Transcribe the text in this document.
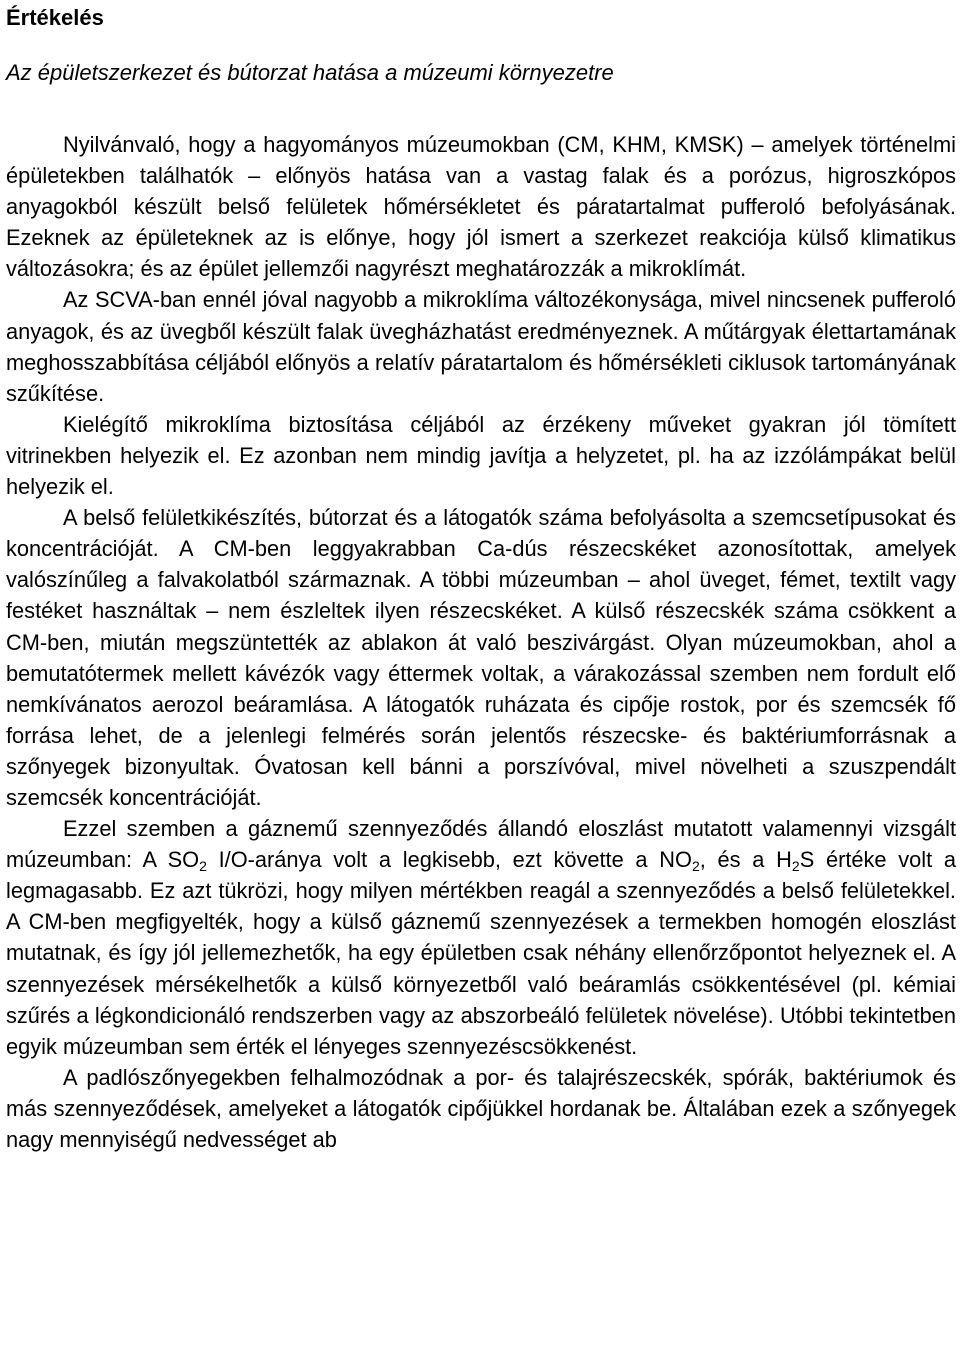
Értékelés
Az épületszerkezet és bútorzat hatása a múzeumi környezetre

Nyilvánvaló, hogy a hagyományos múzeumokban (CM, KHM, KMSK) – amelyek történelmi épületekben találhatók – előnyös hatása van a vastag falak és a porózus, higroszkópos anyagokból készült belső felületek hőmérsékletet és páratartalmat pufferoló befolyásának. Ezeknek az épületeknek az is előnye, hogy jól ismert a szerkezet reakciója külső klimatikus változásokra; és az épület jellemzői nagyrészt meghatározzák a mikroklímát.

Az SCVA-ban ennél jóval nagyobb a mikroklíma változékonysága, mivel nincsenek pufferoló anyagok, és az üvegből készült falak üvegházhatást eredményeznek. A műtárgyak élettartamának meghosszabbítása céljából előnyös a relatív páratartalom és hőmérsékleti ciklusok tartományának szűkítése.

Kielégítő mikroklíma biztosítása céljából az érzékeny műveket gyakran jól tömített vitrinekben helyezik el. Ez azonban nem mindig javítja a helyzetet, pl. ha az izzólámpákat belül helyezik el.

A belső felületkikészítés, bútorzat és a látogatók száma befolyásolta a szemcsetípusokat és koncentrációját. A CM-ben leggyakrabban Ca-dús részecskéket azonosítottak, amelyek valószínűleg a falvakolatból származnak. A többi múzeumban – ahol üveget, fémet, textilt vagy festéket használtak – nem észleltek ilyen részecskéket. A külső részecskék száma csökkent a CM-ben, miután megszüntették az ablakon át való beszivárgást. Olyan múzeumokban, ahol a bemutatótermek mellett kávézók vagy éttermek voltak, a várakozással szemben nem fordult elő nemkívánatos aerozol beáramlása. A látogatók ruházata és cipője rostok, por és szemcsék fő forrása lehet, de a jelenlegi felmérés során jelentős részecske- és baktériumforrásnak a szőnyegek bizonyultak. Óvatosan kell bánni a porszívóval, mivel növelheti a szuszpendált szemcsék koncentrációját.

Ezzel szemben a gáznemű szennyeződés állandó eloszlást mutatott valamennyi vizsgált múzeumban: A $SO_2$ I/O-aránya volt a legkisebb, ezt követte a $NO_2$, és a $H_2S$ értéke volt a legmagasabb. Ez azt tükrözi, hogy milyen mértékben reagál a szennyeződés a belső felületekkel. A CM-ben megfigyelték, hogy a külső gáznemű szennyezések a termekben homogén eloszlást mutatnak, és így jól jellemezhetők, ha egy épületben csak néhány ellenőrzőpontot helyeznek el. A szennyezések mérsékelhetők a külső környezetből való beáramlás csökkentésével (pl. kémiai szűrés a légkondicionáló rendszerben vagy az abszorbeáló felületek növelése). Utóbbi tekintetben egyik múzeumban sem érték el lényeges szennyezéscsökkenést.

A padlószőnyegekben felhalmozódnak a por- és talajrészecskék, spórák, baktériumok és más szennyeződések, amelyeket a látogatók cipőjükkel hordanak be. Általában ezek a szőnyegek nagy mennyiségű nedvességet ab
